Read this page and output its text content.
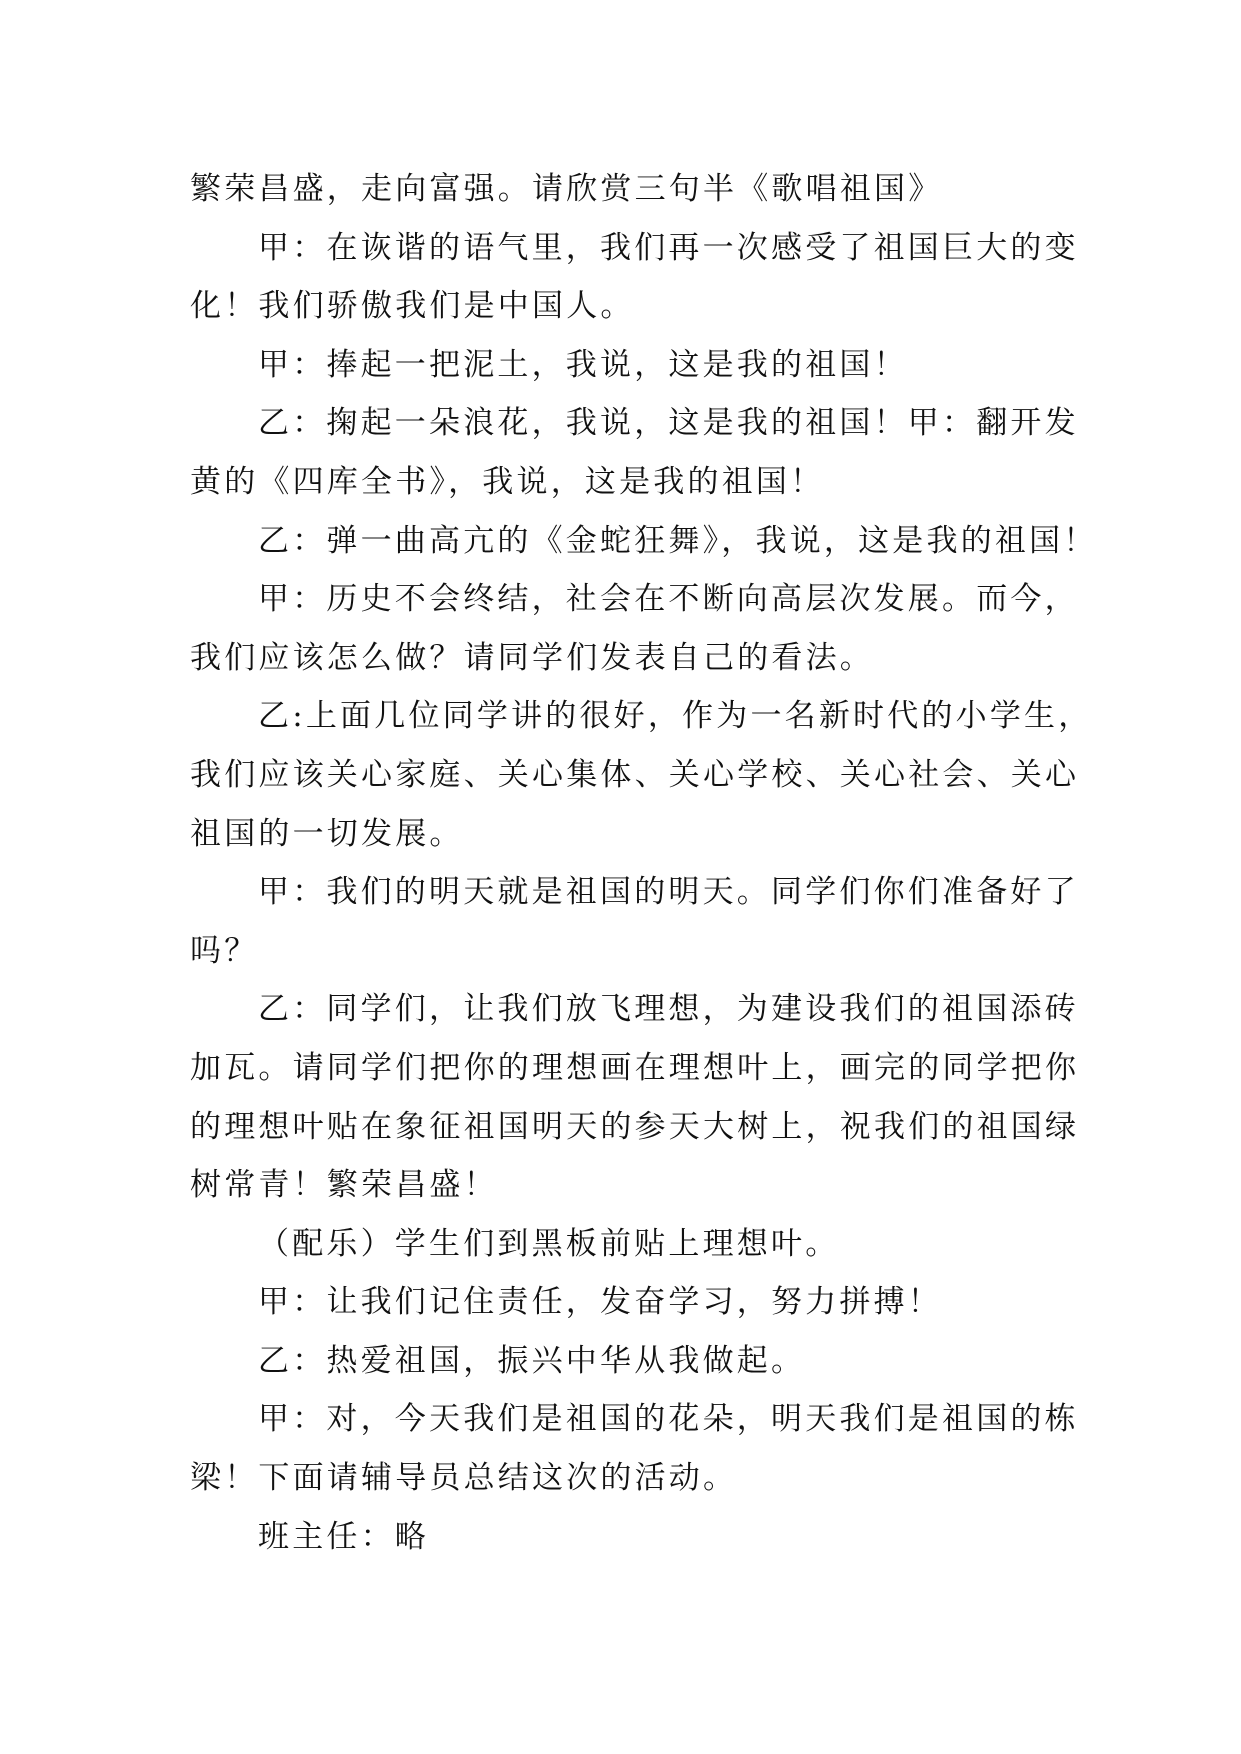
繁荣昌盛，走向富强。请欣赏三句半《歌唱祖国》

甲：在诙谐的语气里，我们再一次感受了祖国巨大的变

化！我们骄傲我们是中国人。

甲：捧起一把泥土，我说，这是我的祖国！

乙：掬起一朵浪花，我说，这是我的祖国！甲：翻开发

黄的《四库全书》，我说，这是我的祖国！

乙：弹一曲高亢的《金蛇狂舞》，我说，这是我的祖国！

甲：历史不会终结，社会在不断向高层次发展。而今，

我们应该怎么做？请同学们发表自己的看法。

乙:上面几位同学讲的很好，作为一名新时代的小学生，

我们应该关心家庭、关心集体、关心学校、关心社会、关心

祖国的一切发展。

甲：我们的明天就是祖国的明天。同学们你们准备好了

吗？

乙：同学们，让我们放飞理想，为建设我们的祖国添砖

加瓦。请同学们把你的理想画在理想叶上，画完的同学把你

的理想叶贴在象征祖国明天的参天大树上，祝我们的祖国绿

树常青！繁荣昌盛！

（配乐）学生们到黑板前贴上理想叶。

甲：让我们记住责任，发奋学习，努力拼搏！

乙：热爱祖国，振兴中华从我做起。

甲：对，今天我们是祖国的花朵，明天我们是祖国的栋

梁！下面请辅导员总结这次的活动。

班主任：略
